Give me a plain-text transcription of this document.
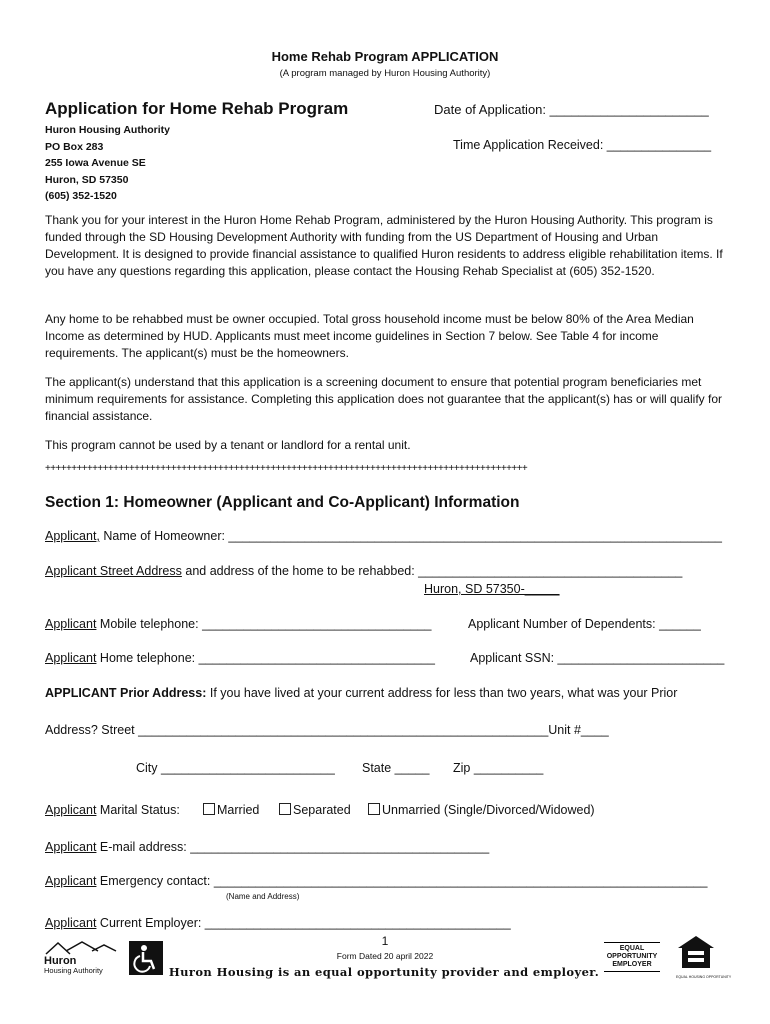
Home Rehab Program APPLICATION
(A program managed by Huron Housing Authority)
Application for Home Rehab Program	Date of Application: ______________________
Time Application Received: _______________
Huron Housing Authority
PO Box 283
255 Iowa Avenue SE
Huron, SD 57350
(605) 352-1520
Thank you for your interest in the Huron Home Rehab Program, administered by the Huron Housing Authority. This program is funded through the SD Housing Development Authority with funding from the US Department of Housing and Urban Development. It is designed to provide financial assistance to qualified Huron residents to address eligible rehabilitation items. If you have any questions regarding this application, please contact the Housing Rehab Specialist at (605) 352-1520.
Any home to be rehabbed must be owner occupied. Total gross household income must be below 80% of the Area Median Income as determined by HUD. Applicants must meet income guidelines in Section 7 below. See Table 4 for income requirements. The applicant(s) must be the homeowners.
The applicant(s) understand that this application is a screening document to ensure that potential program beneficiaries met minimum requirements for assistance. Completing this application does not guarantee that the applicant(s) has or will qualify for financial assistance.
This program cannot be used by a tenant or landlord for a rental unit.
++++++++++++++++++++++++++++++++++++++++++++++++++++++++++++++++++++++++++++++++++++++++++++
Section 1: Homeowner (Applicant and Co-Applicant) Information
Applicant, Name of Homeowner: _______________________________________________________________________
Applicant Street Address and address of the home to be rehabbed: ______________________________________
Huron, SD 57350-_____
Applicant Mobile telephone: _________________________________	Applicant Number of Dependents: ______
Applicant Home telephone: __________________________________	Applicant SSN: ________________________
APPLICANT Prior Address: If you have lived at your current address for less than two years, what was your Prior
Address? Street ___________________________________________________________Unit #____
City _________________________ State _____ Zip __________
Applicant Marital Status:	Married	Separated	Unmarried (Single/Divorced/Widowed)
Applicant E-mail address: ___________________________________________
Applicant Emergency contact: _______________________________________________________________________
(Name and Address)
Applicant Current Employer: ____________________________________________
Huron
Housing Authority
1
Form Dated 20 april 2022
Huron Housing is an equal opportunity provider and employer.
EQUAL
OPPORTUNITY
EMPLOYER
EQUAL HOUSING OPPORTUNITY
